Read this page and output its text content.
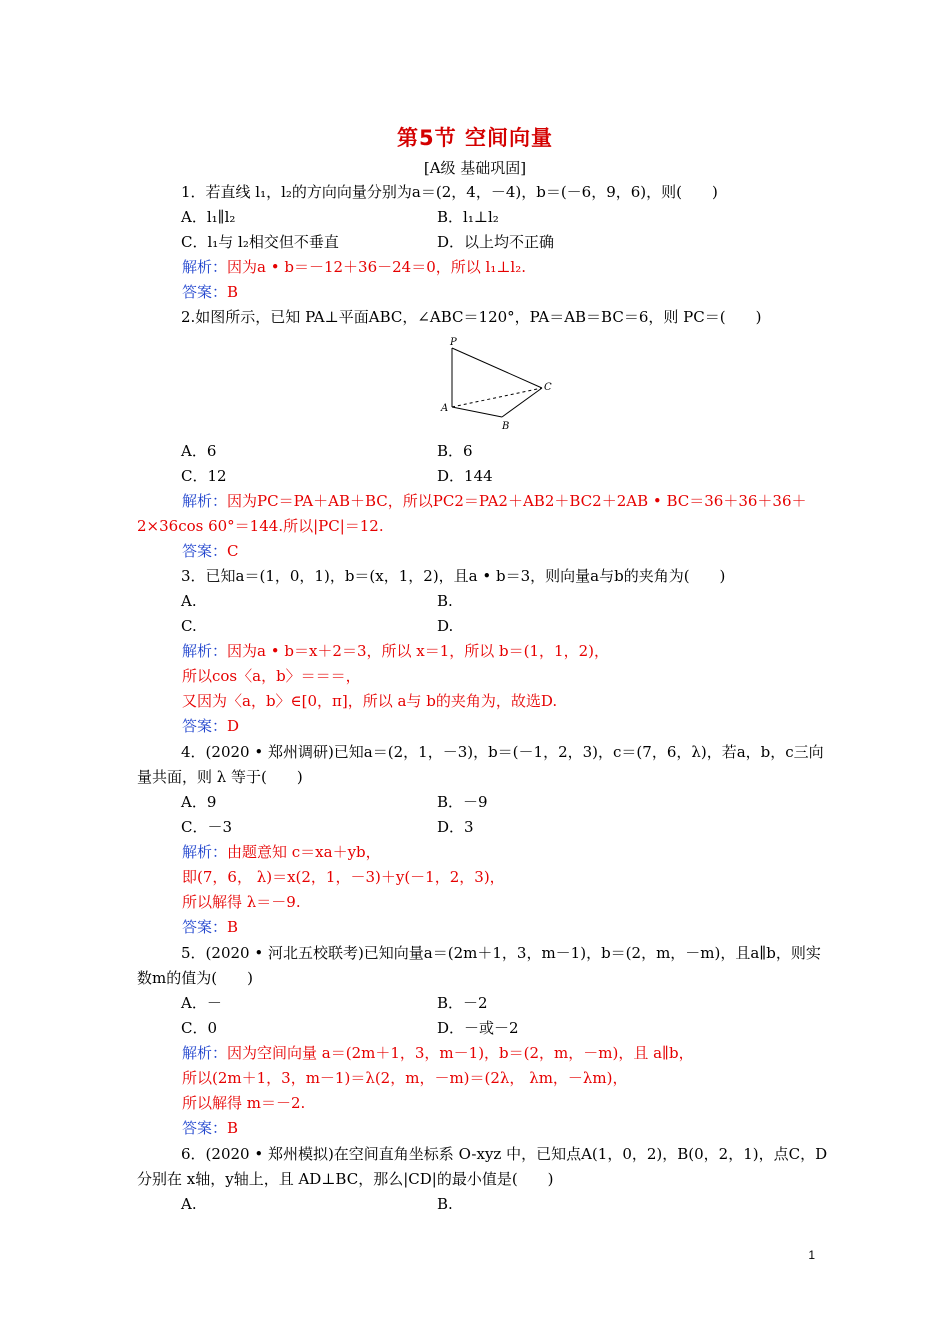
第5节 空间向量
[A级 基础巩固]
1．若直线 l₁，l₂的方向向量分别为a＝(2，4，－4)，b＝(－6，9，6)，则(　　)
A．l₁∥l₂	B．l₁⊥l₂
C．l₁与 l₂相交但不垂直	D．以上均不正确
解析：因为a • b＝－12＋36－24＝0，所以 l₁⊥l₂.
答案：B
2.如图所示，已知 PA⊥平面ABC，∠ABC＝120°，PA＝AB＝BC＝6，则 PC＝(　　)
P
C
A
B
A．6	B．6
C．12	D．144
解析：因为PC＝PA＋AB＋BC，所以PC2＝PA2＋AB2＋BC2＋2AB • BC＝36＋36＋36＋
2×36cos 60°＝144.所以|PC|＝12.
答案：C
3．已知a＝(1，0，1)，b＝(x，1，2)，且a • b＝3，则向量a与b的夹角为(　　)
A.	B.
C.	D.
解析：因为a • b＝x＋2＝3，所以 x＝1，所以 b＝(1，1，2)，
所以cos〈a，b〉＝＝＝，
又因为〈a，b〉∈[0，π]，所以 a与 b的夹角为，故选D.
答案：D
4．(2020 • 郑州调研)已知a＝(2，1，－3)，b＝(－1，2，3)，c＝(7，6，λ)，若a，b，c三向
量共面，则 λ 等于(　　)
A．9	B．－9
C．－3	D．3
解析：由题意知 c＝xa＋yb，
即(7，6， λ)＝x(2，1，－3)＋y(－1，2，3)，
所以解得 λ＝－9.
答案：B
5．(2020 • 河北五校联考)已知向量a＝(2m＋1，3，m－1)，b＝(2，m，－m)，且a∥b，则实
数m的值为(　　)
A．－	B．－2
C．0	D．－或－2
解析：因为空间向量 a＝(2m＋1，3，m－1)，b＝(2，m，－m)，且 a∥b，
所以(2m＋1，3，m－1)＝λ(2，m，－m)＝(2λ， λm，－λm)，
所以解得 m＝－2.
答案：B
6．(2020 • 郑州模拟)在空间直角坐标系 O-xyz 中，已知点A(1，0，2)，B(0，2，1)，点C，D
分别在 x轴，y轴上，且 AD⊥BC，那么|CD|的最小值是(　　)
A.	B.
1
